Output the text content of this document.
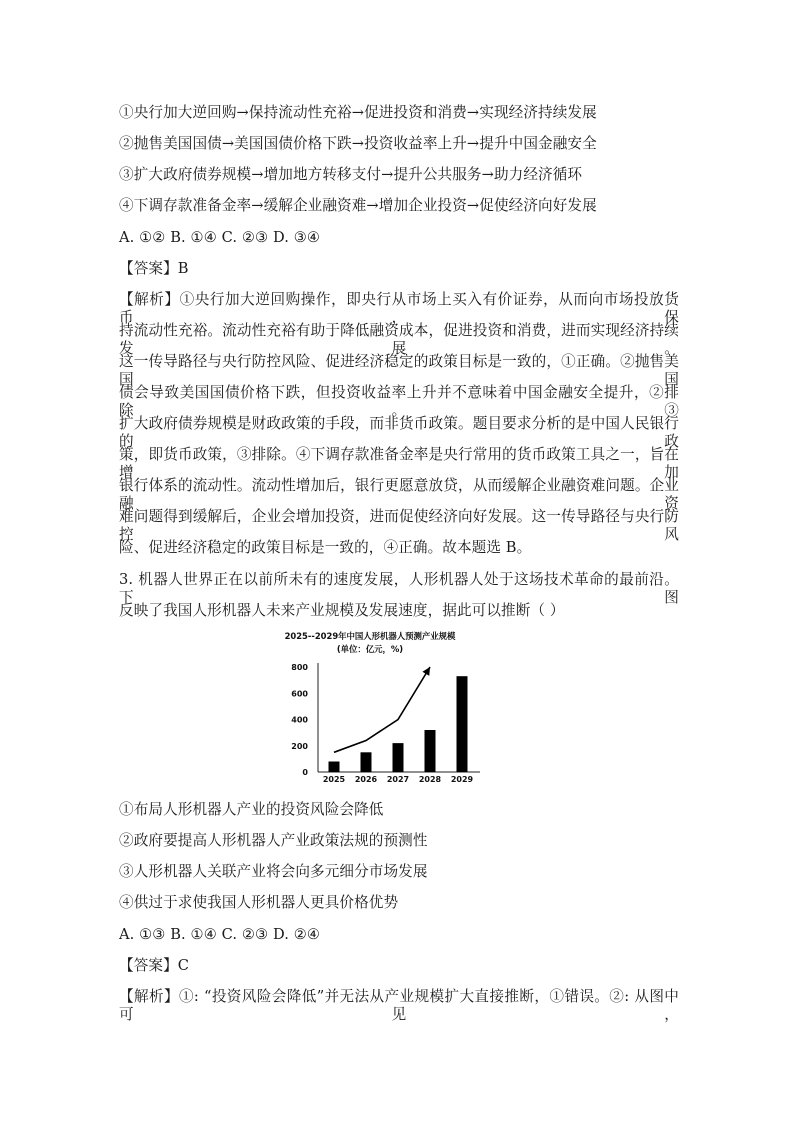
①央行加大逆回购→保持流动性充裕→促进投资和消费→实现经济持续发展
②抛售美国国债→美国国债价格下跌→投资收益率上升→提升中国金融安全
③扩大政府债券规模→增加地方转移支付→提升公共服务→助力经济循环
④下调存款准备金率→缓解企业融资难→增加企业投资→促使经济向好发展
A. ①② B. ①④ C. ②③ D. ③④
【答案】B
【解析】①央行加大逆回购操作，即央行从市场上买入有价证券，从而向市场投放货币，保
持流动性充裕。流动性充裕有助于降低融资成本，促进投资和消费，进而实现经济持续发展。
这一传导路径与央行防控风险、促进经济稳定的政策目标是一致的，①正确。②抛售美国国
债会导致美国国债价格下跌，但投资收益率上升并不意味着中国金融安全提升，②排除。③
扩大政府债券规模是财政政策的手段，而非货币政策。题目要求分析的是中国人民银行的政
策，即货币政策，③排除。④下调存款准备金率是央行常用的货币政策工具之一，旨在增加
银行体系的流动性。流动性增加后，银行更愿意放贷，从而缓解企业融资难问题。企业融资
难问题得到缓解后，企业会增加投资，进而促使经济向好发展。这一传导路径与央行防控风
险、促进经济稳定的政策目标是一致的，④正确。故本题选 B。
3. 机器人世界正在以前所未有的速度发展，人形机器人处于这场技术革命的最前沿。下图
反映了我国人形机器人未来产业规模及发展速度，据此可以推断（ ）
2025--2029年中国人形机器人预测产业规模
(单位：亿元，%)
0
200
400
600
800
2025 2026 2027 2028 2029
①布局人形机器人产业的投资风险会降低
②政府要提高人形机器人产业政策法规的预测性
③人形机器人关联产业将会向多元细分市场发展
④供过于求使我国人形机器人更具价格优势
A. ①③ B. ①④ C. ②③ D. ②④
【答案】C
【解析】①: “投资风险会降低”并无法从产业规模扩大直接推断，①错误。②: 从图中可见，
